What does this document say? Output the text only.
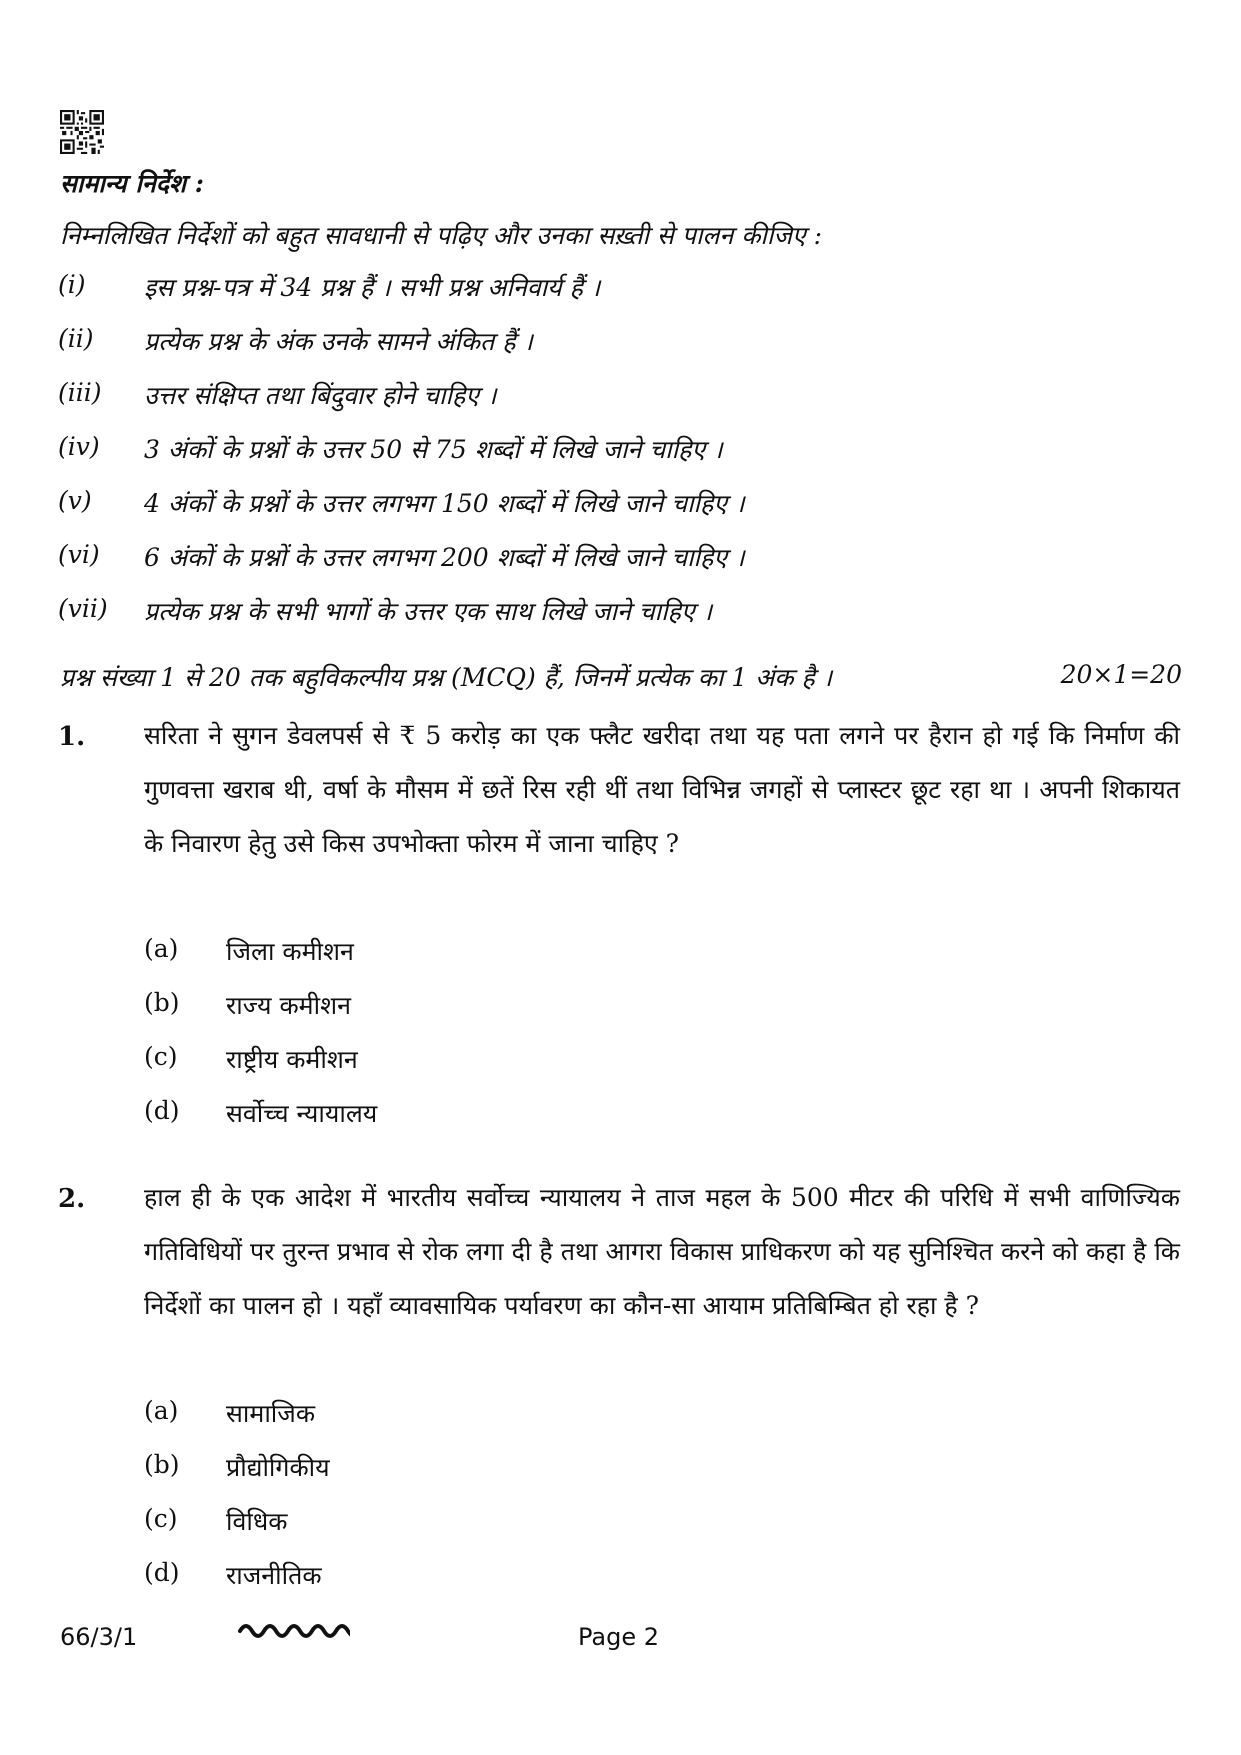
सामान्य निर्देश :
निम्नलिखित निर्देशों को बहुत सावधानी से पढ़िए और उनका सख़्ती से पालन कीजिए :
(i) इस प्रश्न-पत्र में 34 प्रश्न हैं । सभी प्रश्न अनिवार्य हैं ।
(ii) प्रत्येक प्रश्न के अंक उनके सामने अंकित हैं ।
(iii) उत्तर संक्षिप्त तथा बिंदुवार होने चाहिए ।
(iv) 3 अंकों के प्रश्नों के उत्तर 50 से 75 शब्दों में लिखे जाने चाहिए ।
(v) 4 अंकों के प्रश्नों के उत्तर लगभग 150 शब्दों में लिखे जाने चाहिए ।
(vi) 6 अंकों के प्रश्नों के उत्तर लगभग 200 शब्दों में लिखे जाने चाहिए ।
(vii) प्रत्येक प्रश्न के सभी भागों के उत्तर एक साथ लिखे जाने चाहिए ।
प्रश्न संख्या 1 से 20 तक बहुविकल्पीय प्रश्न (MCQ) हैं, जिनमें प्रत्येक का 1 अंक है ।	20×1=20
1. सरिता ने सुगन डेवलपर्स से ₹ 5 करोड़ का एक फ्लैट खरीदा तथा यह पता लगने पर हैरान हो गई कि निर्माण की गुणवत्ता खराब थी, वर्षा के मौसम में छतें रिस रही थीं तथा विभिन्न जगहों से प्लास्टर छूट रहा था । अपनी शिकायत के निवारण हेतु उसे किस उपभोक्ता फोरम में जाना चाहिए ?
(a) जिला कमीशन
(b) राज्य कमीशन
(c) राष्ट्रीय कमीशन
(d) सर्वोच्च न्यायालय
2. हाल ही के एक आदेश में भारतीय सर्वोच्च न्यायालय ने ताज महल के 500 मीटर की परिधि में सभी वाणिज्यिक गतिविधियों पर तुरन्त प्रभाव से रोक लगा दी है तथा आगरा विकास प्राधिकरण को यह सुनिश्चित करने को कहा है कि निर्देशों का पालन हो । यहाँ व्यावसायिक पर्यावरण का कौन-सा आयाम प्रतिबिम्बित हो रहा है ?
(a) सामाजिक
(b) प्रौद्योगिकीय
(c) विधिक
(d) राजनीतिक
66/3/1	Page 2
